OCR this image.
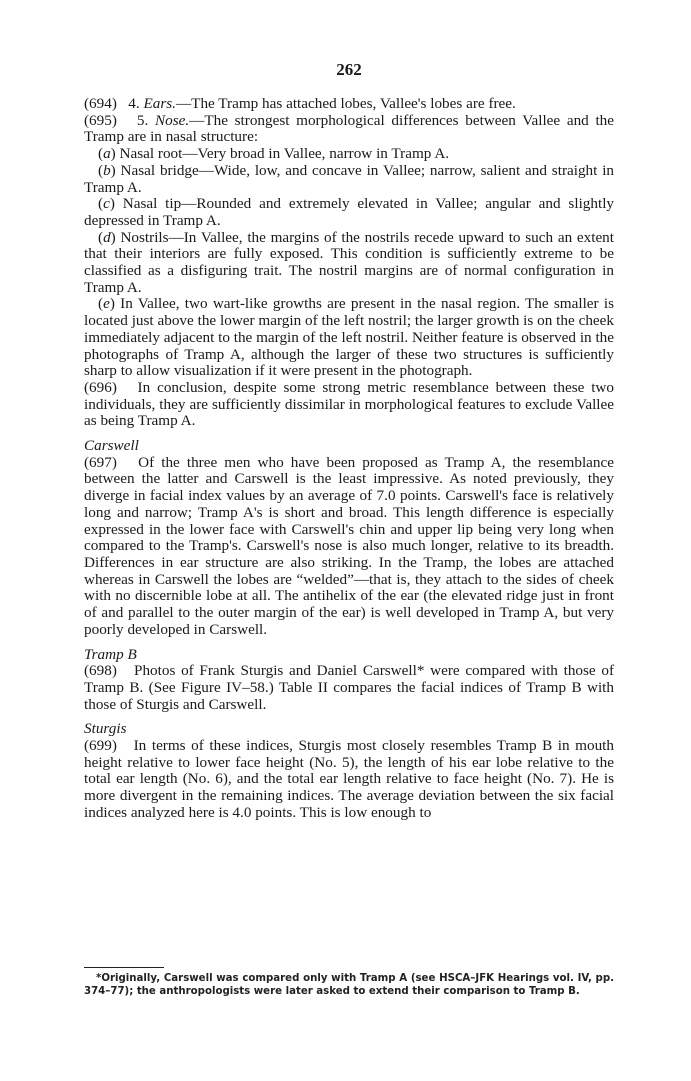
262

(694) 4. Ears.—The Tramp has attached lobes, Vallee's lobes are free.

(695) 5. Nose.—The strongest morphological differences between Vallee and the Tramp are in nasal structure:

(a) Nasal root—Very broad in Vallee, narrow in Tramp A.

(b) Nasal bridge—Wide, low, and concave in Vallee; narrow, salient and straight in Tramp A.

(c) Nasal tip—Rounded and extremely elevated in Vallee; angular and slightly depressed in Tramp A.

(d) Nostrils—In Vallee, the margins of the nostrils recede upward to such an extent that their interiors are fully exposed. This condition is sufficiently extreme to be classified as a disfiguring trait. The nostril margins are of normal configuration in Tramp A.

(e) In Vallee, two wart-like growths are present in the nasal region. The smaller is located just above the lower margin of the left nostril; the larger growth is on the cheek immediately adjacent to the margin of the left nostril. Neither feature is observed in the photographs of Tramp A, although the larger of these two structures is sufficiently sharp to allow visualization if it were present in the photograph.

(696) In conclusion, despite some strong metric resemblance between these two individuals, they are sufficiently dissimilar in morphological features to exclude Vallee as being Tramp A.

Carswell

(697) Of the three men who have been proposed as Tramp A, the resemblance between the latter and Carswell is the least impressive. As noted previously, they diverge in facial index values by an average of 7.0 points. Carswell's face is relatively long and narrow; Tramp A's is short and broad. This length difference is especially expressed in the lower face with Carswell's chin and upper lip being very long when compared to the Tramp's. Carswell's nose is also much longer, relative to its breadth. Differences in ear structure are also striking. In the Tramp, the lobes are attached whereas in Carswell the lobes are “welded”—that is, they attach to the sides of cheek with no discernible lobe at all. The antihelix of the ear (the elevated ridge just in front of and parallel to the outer margin of the ear) is well developed in Tramp A, but very poorly developed in Carswell.

Tramp B

(698) Photos of Frank Sturgis and Daniel Carswell* were compared with those of Tramp B. (See Figure IV–58.) Table II compares the facial indices of Tramp B with those of Sturgis and Carswell.

Sturgis

(699) In terms of these indices, Sturgis most closely resembles Tramp B in mouth height relative to lower face height (No. 5), the length of his ear lobe relative to the total ear length (No. 6), and the total ear length relative to face height (No. 7). He is more divergent in the remaining indices. The average deviation between the six facial indices analyzed here is 4.0 points. This is low enough to

*Originally, Carswell was compared only with Tramp A (see HSCA–JFK Hearings vol. IV, pp. 374–77); the anthropologists were later asked to extend their comparison to Tramp B.
